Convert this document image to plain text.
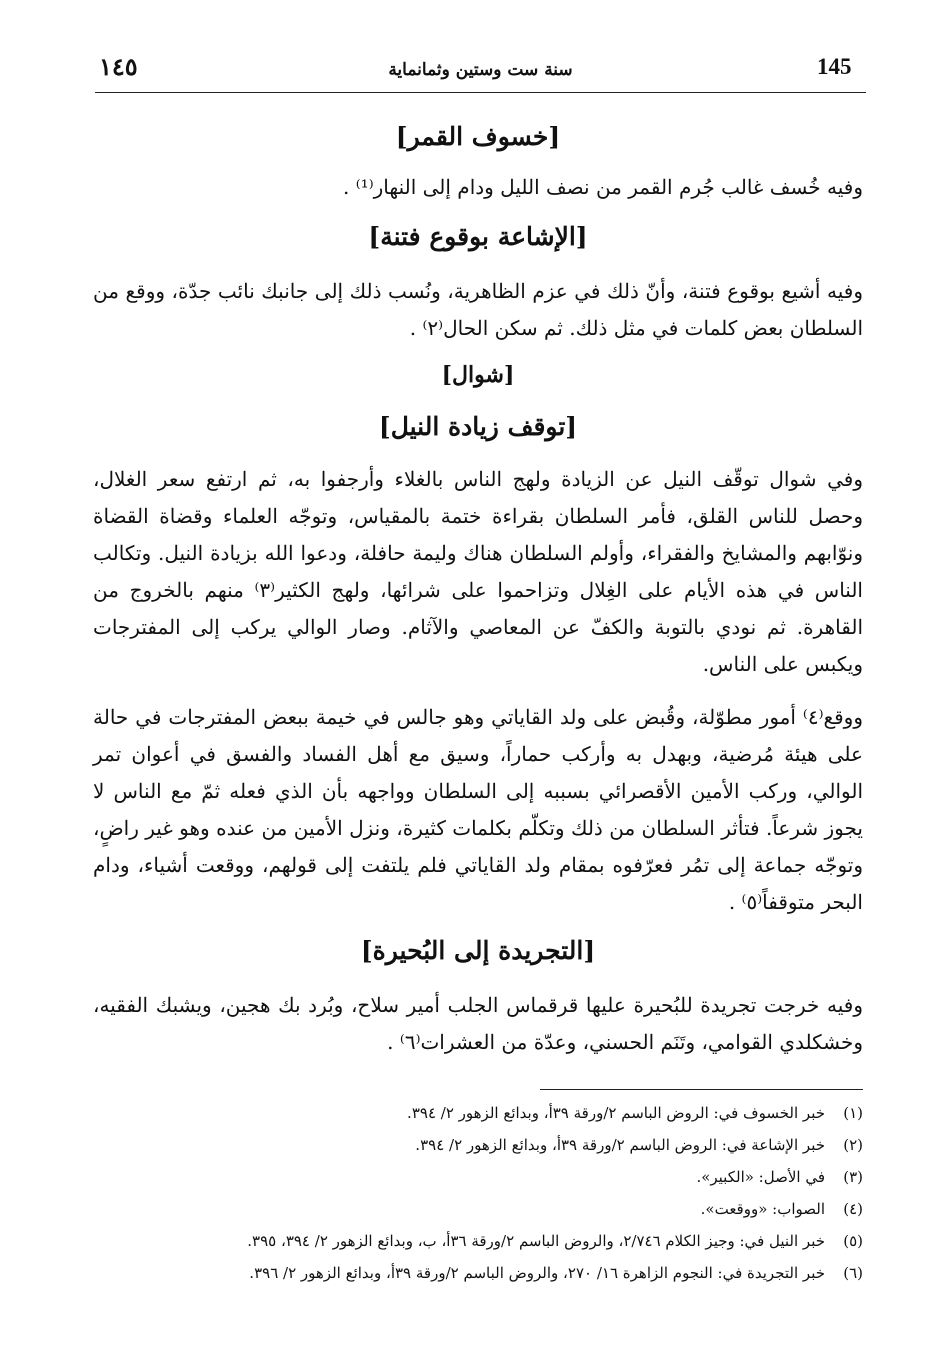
145
سنة ست وستين وثمانماية
١٤٥
[خسوف القمر]
وفيه خُسف غالب جُرم القمر من نصف الليل ودام إلى النهار⁽¹⁾ .
[الإشاعة بوقوع فتنة]
وفيه أشيع بوقوع فتنة، وأنّ ذلك في عزم الظاهرية، ونُسب ذلك إلى جانبك نائب جدّة، ووقع من السلطان بعض كلمات في مثل ذلك. ثم سكن الحال⁽٢⁾ .
[شوال]
[توقف زيادة النيل]
وفي شوال توقّف النيل عن الزيادة ولهج الناس بالغلاء وأرجفوا به، ثم ارتفع سعر الغلال، وحصل للناس القلق، فأمر السلطان بقراءة ختمة بالمقياس، وتوجّه العلماء وقضاة القضاة ونوّابهم والمشايخ والفقراء، وأولم السلطان هناك وليمة حافلة، ودعوا الله بزيادة النيل. وتكالب الناس في هذه الأيام على الغِلال وتزاحموا على شرائها، ولهج الكثير⁽٣⁾ منهم بالخروج من القاهرة. ثم نودي بالتوبة والكفّ عن المعاصي والآثام. وصار الوالي يركب إلى المفترجات ويكبس على الناس.
ووقع⁽٤⁾ أمور مطوّلة، وقُبض على ولد القاياتي وهو جالس في خيمة ببعض المفترجات في حالة على هيئة مُرضية، وبهدل به وأركب حماراً، وسيق مع أهل الفساد والفسق في أعوان تمر الوالي، وركب الأمين الأقصرائي بسببه إلى السلطان وواجهه بأن الذي فعله ثمّ مع الناس لا يجوز شرعاً. فتأثر السلطان من ذلك وتكلّم بكلمات كثيرة، ونزل الأمين من عنده وهو غير راضٍ، وتوجّه جماعة إلى تمُر فعرّفوه بمقام ولد القاياتي فلم يلتفت إلى قولهم، ووقعت أشياء، ودام البحر متوقفاً⁽٥⁾ .
[التجريدة إلى البُحيرة]
وفيه خرجت تجريدة للبُحيرة عليها قرقماس الجلب أمير سلاح، وبُرد بك هجين، ويشبك الفقيه، وخشكلدي القوامي، وتَنَم الحسني، وعدّة من العشرات⁽٦⁾ .
(١)
خبر الخسوف في: الروض الباسم ٢/ورقة ٣٩أ، وبدائع الزهور ٢/ ٣٩٤.
(٢)
خبر الإشاعة في: الروض الباسم ٢/ورقة ٣٩أ، وبدائع الزهور ٢/ ٣٩٤.
(٣)
في الأصل: «الكبير».
(٤)
الصواب: «ووقعت».
(٥)
خبر النيل في: وجيز الكلام ٢/٧٤٦، والروض الباسم ٢/ورقة ٣٦أ، ب، وبدائع الزهور ٢/ ٣٩٤، ٣٩٥.
(٦)
خبر التجريدة في: النجوم الزاهرة ١٦/ ٢٧٠، والروض الباسم ٢/ورقة ٣٩أ، وبدائع الزهور ٢/ ٣٩٦.
